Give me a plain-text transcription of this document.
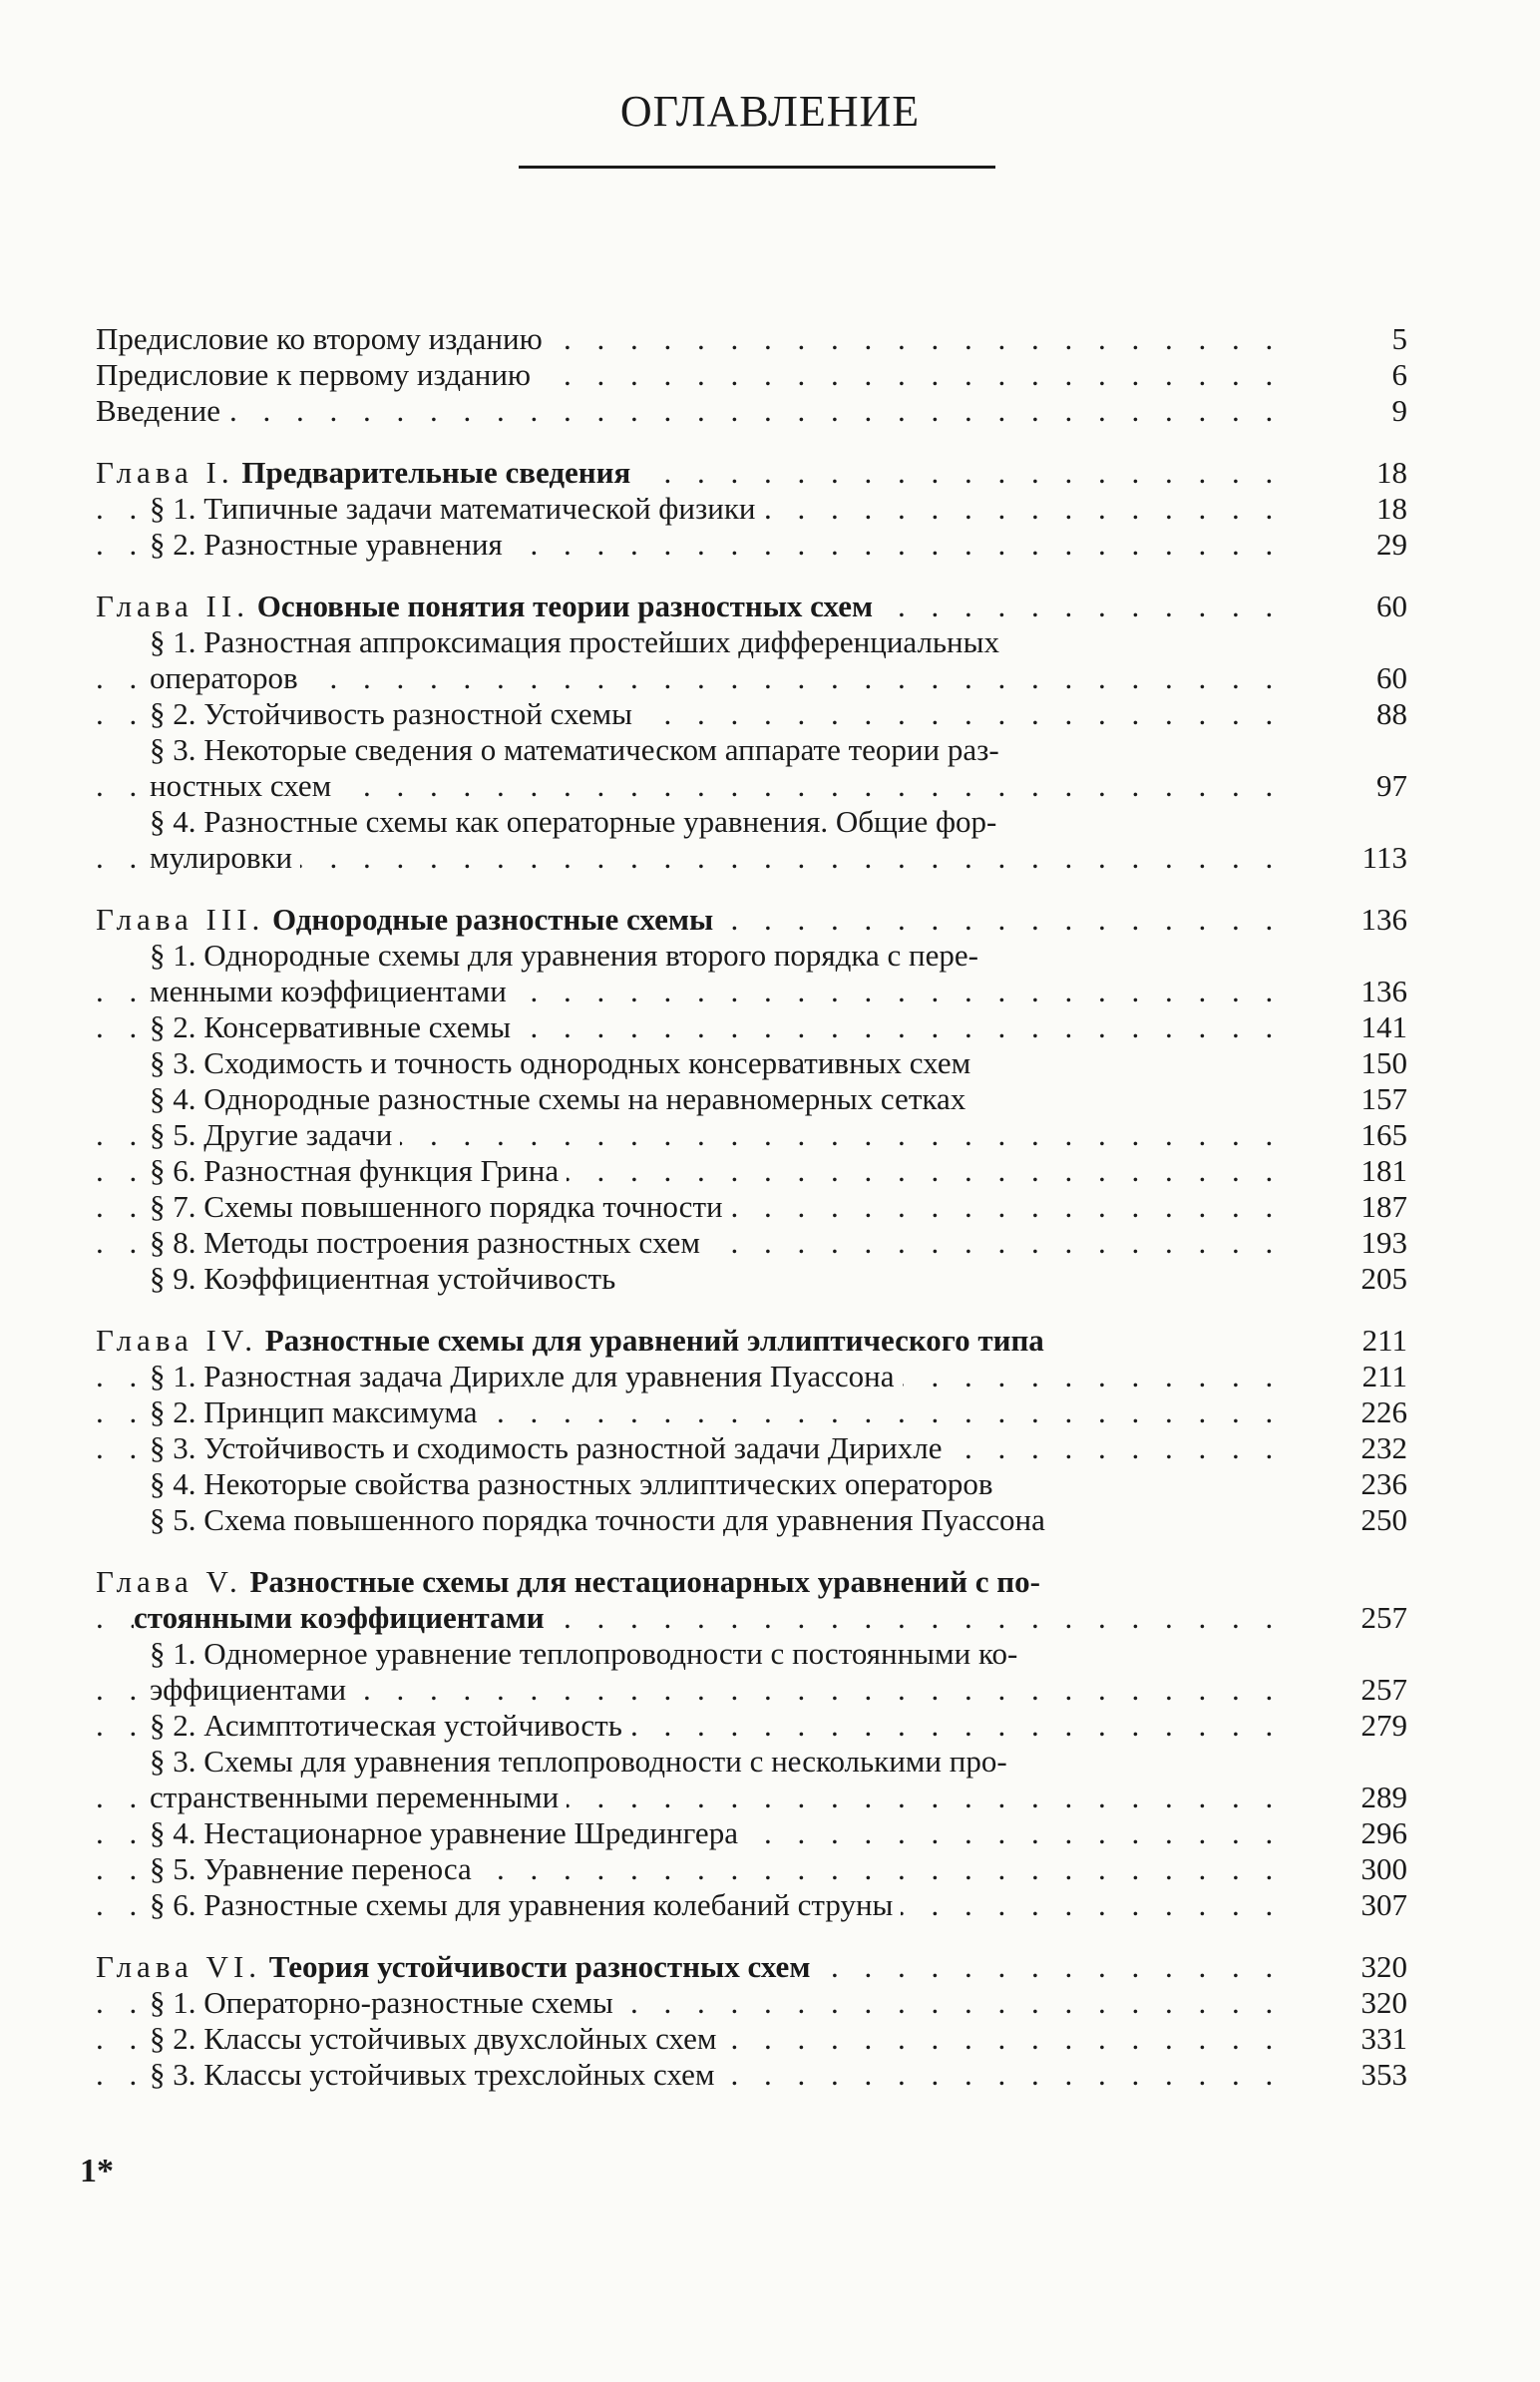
ОГЛАВЛЕНИЕ
Предисловие ко второму изданию	5
. . .
Предисловие к первому изданию	6
. . .
Введение	9
. . .
Глава I. Предварительные сведения	18
. . .
§ 1. Типичные задачи математической физики	18
. . .
§ 2. Разностные уравнения	29
. . .
Глава II. Основные понятия теории разностных схем	60
. . .
§ 1. Разностная аппроксимация простейших дифференциальных
операторов	60
. . .
§ 2. Устойчивость разностной схемы	88
. . .
§ 3. Некоторые сведения о математическом аппарате теории раз-
ностных схем	97
. . .
§ 4. Разностные схемы как операторные уравнения. Общие фор-
мулировки	113
. . .
Глава III. Однородные разностные схемы	136
. . .
§ 1. Однородные схемы для уравнения второго порядка с пере-
менными коэффициентами	136
. . .
§ 2. Консервативные схемы	141
. . .
§ 3. Сходимость и точность однородных консервативных схем	150
§ 4. Однородные разностные схемы на неравномерных сетках	157
§ 5. Другие задачи	165
. . .
§ 6. Разностная функция Грина	181
. . .
§ 7. Схемы повышенного порядка точности	187
. . .
§ 8. Методы построения разностных схем	193
. . .
§ 9. Коэффициентная устойчивость	205
Глава IV. Разностные схемы для уравнений эллиптического типа	211
§ 1. Разностная задача Дирихле для уравнения Пуассона	211
. . .
§ 2. Принцип максимума	226
. . .
§ 3. Устойчивость и сходимость разностной задачи Дирихле	232
. . .
§ 4. Некоторые свойства разностных эллиптических операторов	236
§ 5. Схема повышенного порядка точности для уравнения Пуассона	250
Глава V. Разностные схемы для нестационарных уравнений с по-
стоянными коэффициентами	257
. . .
§ 1. Одномерное уравнение теплопроводности с постоянными ко-
эффициентами	257
. . .
§ 2. Асимптотическая устойчивость	279
. . .
§ 3. Схемы для уравнения теплопроводности с несколькими про-
странственными переменными	289
. . .
§ 4. Нестационарное уравнение Шредингера	296
. . .
§ 5. Уравнение переноса	300
. . .
§ 6. Разностные схемы для уравнения колебаний струны	307
. . .
Глава VI. Теория устойчивости разностных схем	320
. . .
§ 1. Операторно-разностные схемы	320
. . .
§ 2. Классы устойчивых двухслойных схем	331
. . .
§ 3. Классы устойчивых трехслойных схем	353
. . .
1*
